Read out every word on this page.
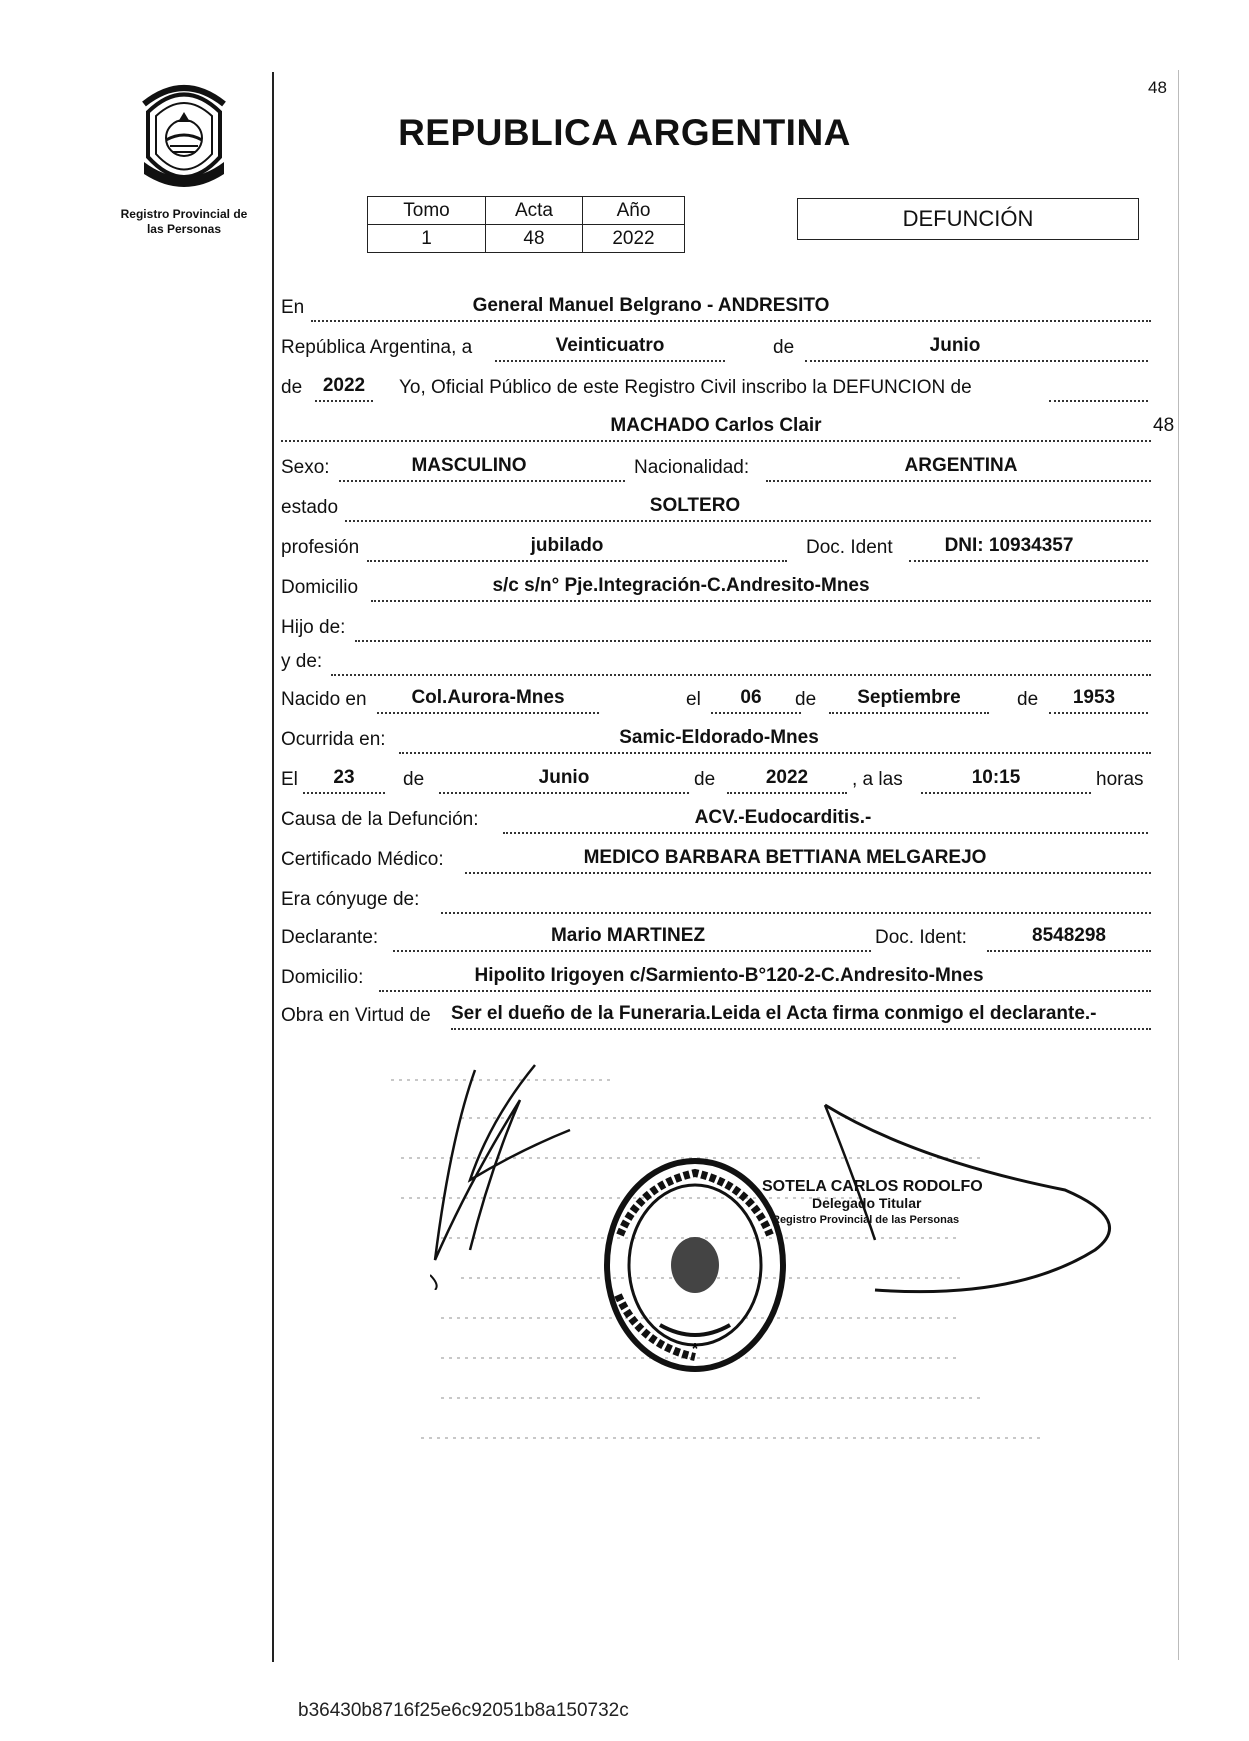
Registro Provincial de
las Personas
48
REPUBLICA ARGENTINA
Tomo	Acta	Año
1	48	2022
DEFUNCIÓN
En	General Manuel Belgrano - ANDRESITO
República Argentina, a	Veinticuatro	de	Junio
de	2022	Yo, Oficial Público de este Registro Civil inscribo la DEFUNCION de
MACHADO Carlos Clair	48
Sexo:	MASCULINO	Nacionalidad:	ARGENTINA
estado	SOLTERO
profesión	jubilado	Doc. Ident	DNI: 10934357
Domicilio	s/c s/n° Pje.Integración-C.Andresito-Mnes
Hijo de:
y de:
Nacido en	Col.Aurora-Mnes	el	06	de	Septiembre	de	1953
Ocurrida en:	Samic-Eldorado-Mnes
El	23	de	Junio	de	2022	, a las	10:15	horas
Causa de la Defunción:	ACV.-Eudocarditis.-
Certificado Médico:	MEDICO BARBARA BETTIANA MELGAREJO
Era cónyuge de:
Declarante:	Mario MARTINEZ	Doc. Ident:	8548298
Domicilio:	Hipolito Irigoyen c/Sarmiento-B°120-2-C.Andresito-Mnes
Obra en Virtud de Ser el dueño de la Funeraria.Leida el Acta firma conmigo el declarante.-
*
SOTELA CARLOS RODOLFO
Delegado Titular
Registro Provincial de las Personas
b36430b8716f25e6c92051b8a150732c
